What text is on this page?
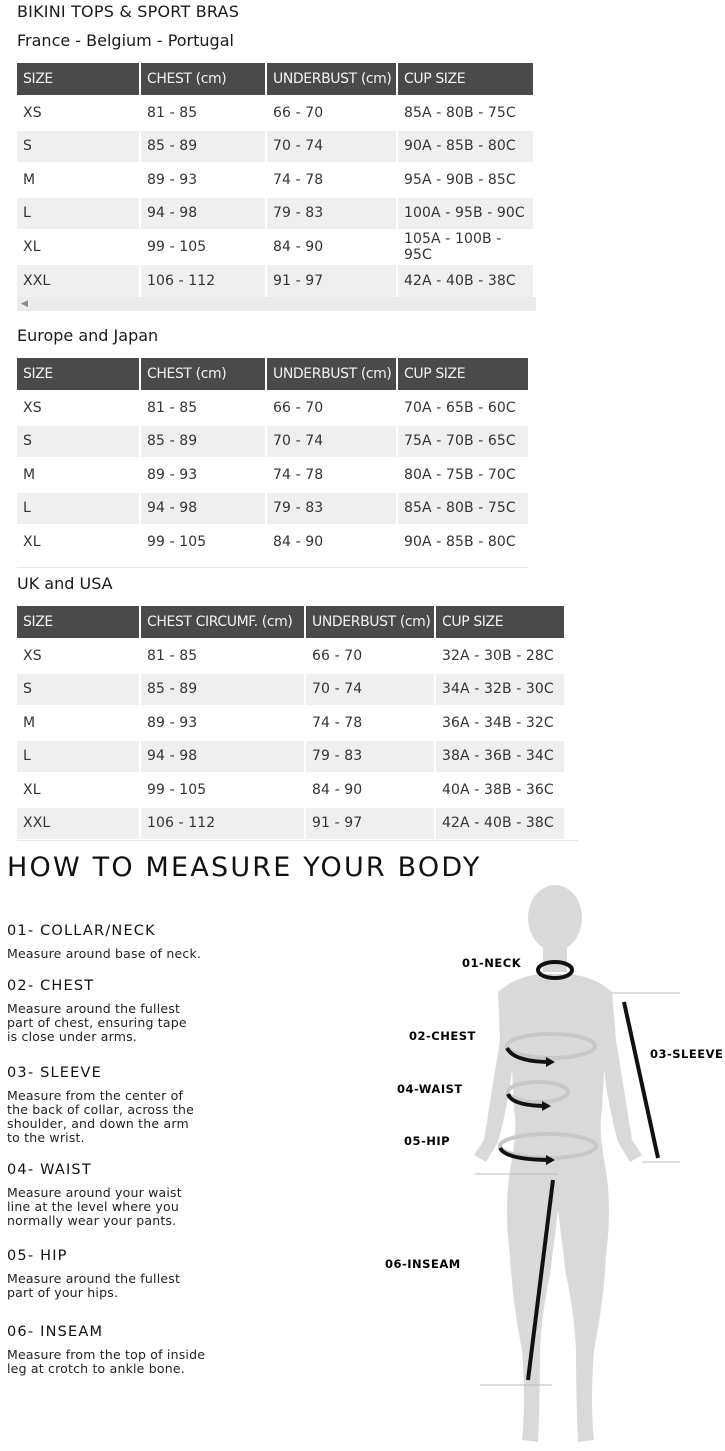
BIKINI TOPS & SPORT BRAS
France - Belgium - Portugal
SIZE	CHEST (cm)	UNDERBUST (cm)	CUP SIZE
XS	81 - 85	66 - 70	85A - 80B - 75C
S	85 - 89	70 - 74	90A - 85B - 80C
M	89 - 93	74 - 78	95A - 90B - 85C
L	94 - 98	79 - 83	100A - 95B - 90C
XL	99 - 105	84 - 90	105A - 100B - 95C
XXL	106 - 112	91 - 97	42A - 40B - 38C
◀
Europe and Japan
SIZE	CHEST (cm)	UNDERBUST (cm)	CUP SIZE
XS	81 - 85	66 - 70	70A - 65B - 60C
S	85 - 89	70 - 74	75A - 70B - 65C
M	89 - 93	74 - 78	80A - 75B - 70C
L	94 - 98	79 - 83	85A - 80B - 75C
XL	99 - 105	84 - 90	90A - 85B - 80C
UK and USA
SIZE	CHEST CIRCUMF. (cm)	UNDERBUST (cm)	CUP SIZE
XS	81 - 85	66 - 70	32A - 30B - 28C
S	85 - 89	70 - 74	34A - 32B - 30C
M	89 - 93	74 - 78	36A - 34B - 32C
L	94 - 98	79 - 83	38A - 36B - 34C
XL	99 - 105	84 - 90	40A - 38B - 36C
XXL	106 - 112	91 - 97	42A - 40B - 38C
HOW TO MEASURE YOUR BODY
01- COLLAR/NECK
Measure around base of neck.
02- CHEST
Measure around the fullest
part of chest, ensuring tape
is close under arms.
03- SLEEVE
Measure from the center of
the back of collar, across the
shoulder, and down the arm
to the wrist.
04- WAIST
Measure around your waist
line at the level where you
normally wear your pants.
05- HIP
Measure around the fullest
part of your hips.
06- INSEAM
Measure from the top of inside
leg at crotch to ankle bone.
01-NECK
02-CHEST
03-SLEEVE
04-WAIST
05-HIP
06-INSEAM
